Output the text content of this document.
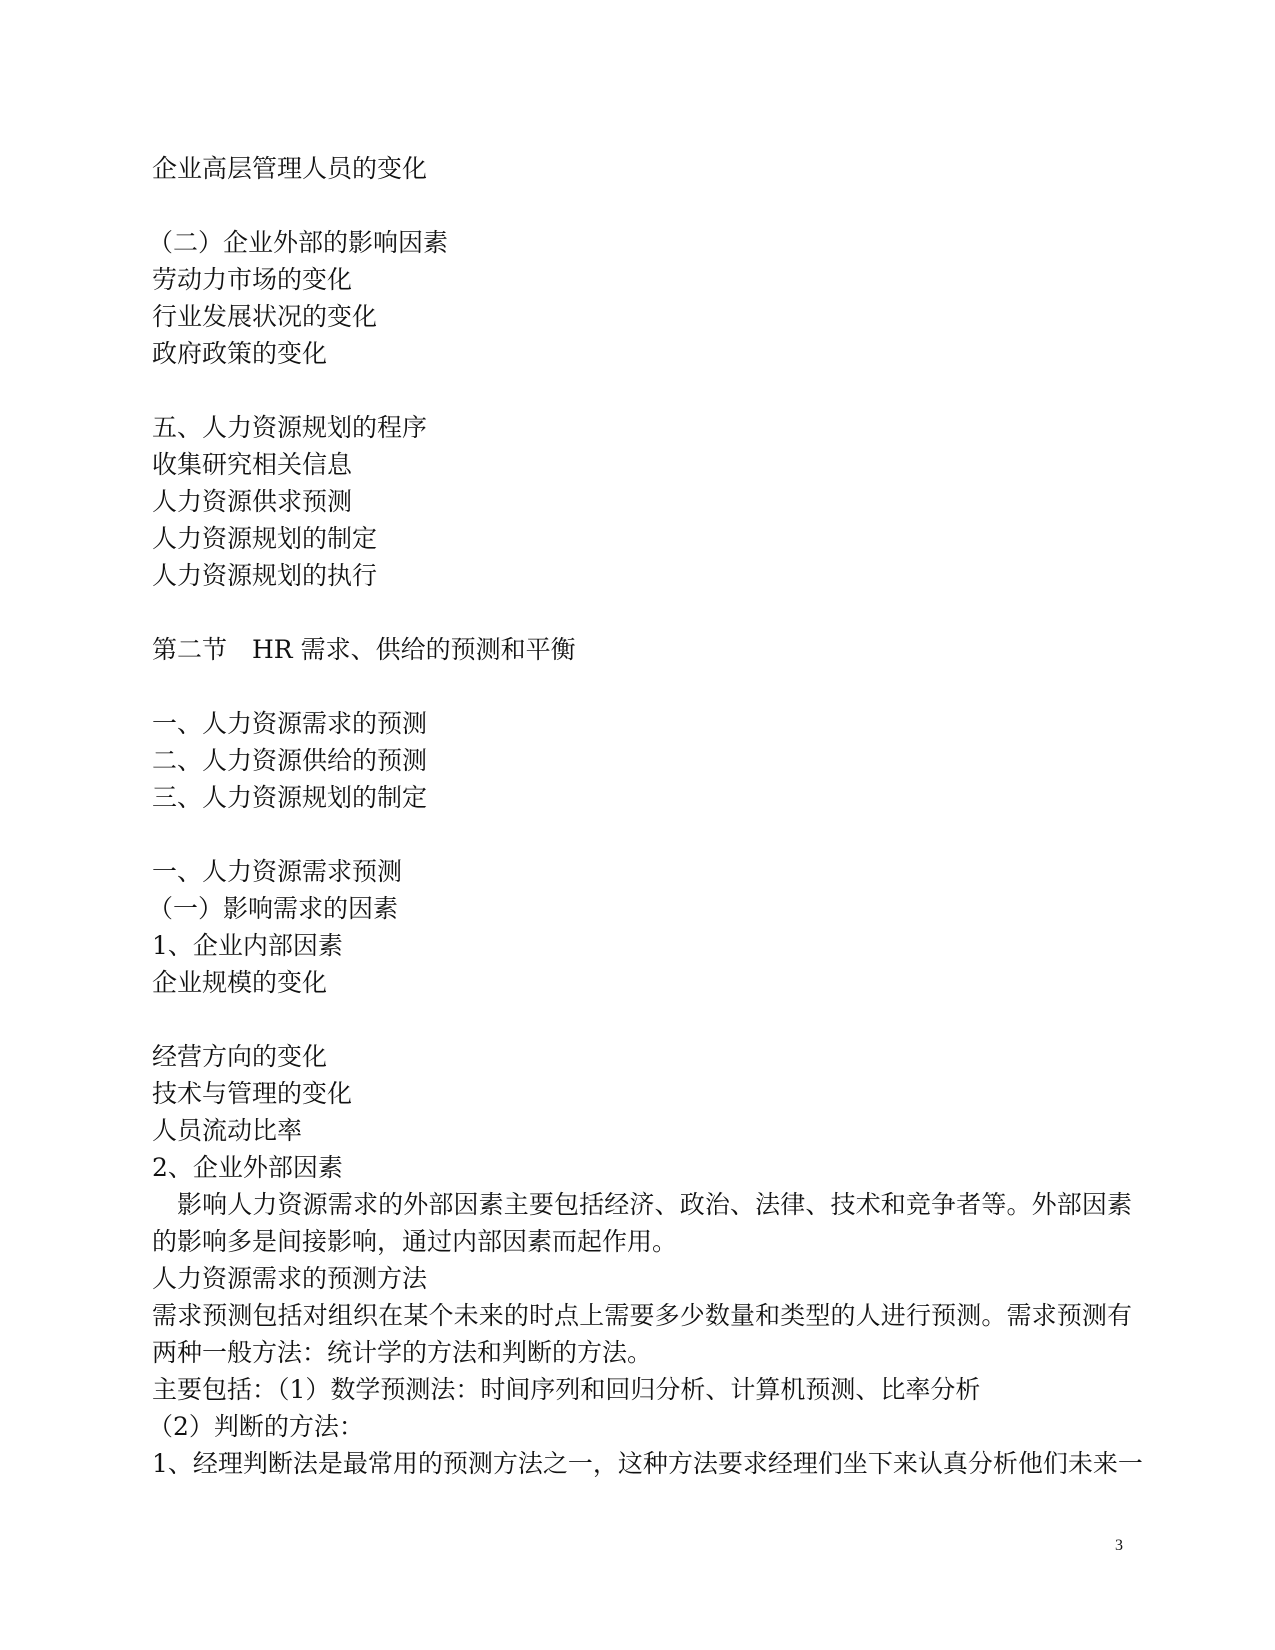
企业高层管理人员的变化
（二）企业外部的影响因素
劳动力市场的变化
行业发展状况的变化
政府政策的变化
五、人力资源规划的程序
收集研究相关信息
人力资源供求预测
人力资源规划的制定
人力资源规划的执行
第二节　HR 需求、供给的预测和平衡
一、人力资源需求的预测
二、人力资源供给的预测
三、人力资源规划的制定
一、人力资源需求预测
（一）影响需求的因素
1、企业内部因素
企业规模的变化
经营方向的变化
技术与管理的变化
人员流动比率
2、企业外部因素
影响人力资源需求的外部因素主要包括经济、政治、法律、技术和竞争者等。外部因素的影响多是间接影响，通过内部因素而起作用。
人力资源需求的预测方法
需求预测包括对组织在某个未来的时点上需要多少数量和类型的人进行预测。需求预测有两种一般方法：统计学的方法和判断的方法。
主要包括：（1）数学预测法：时间序列和回归分析、计算机预测、比率分析
（2）判断的方法：
1、经理判断法是最常用的预测方法之一，这种方法要求经理们坐下来认真分析他们未来一
3
